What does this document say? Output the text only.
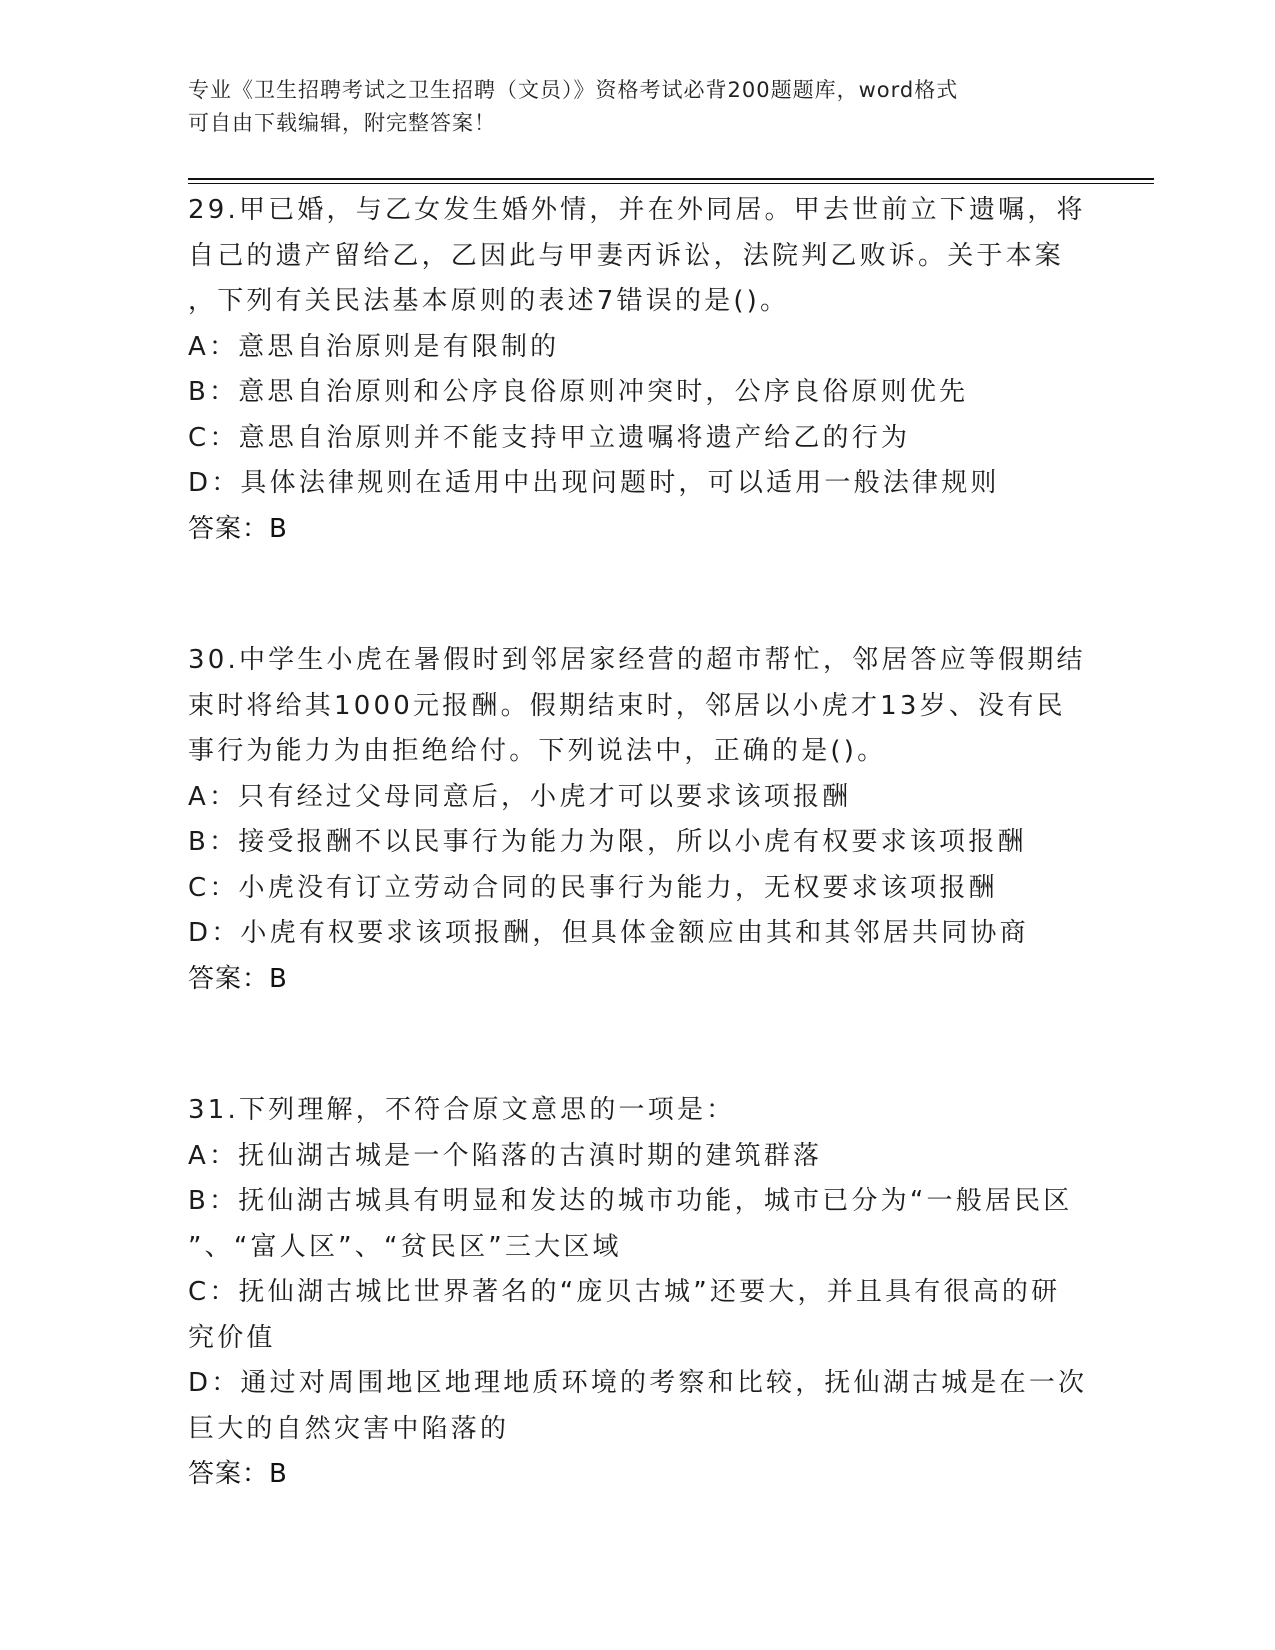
专业《卫生招聘考试之卫生招聘（文员）》资格考试必背200题题库，word格式
可自由下载编辑，附完整答案！
29.甲已婚，与乙女发生婚外情，并在外同居。甲去世前立下遗嘱，将
自己的遗产留给乙，乙因此与甲妻丙诉讼，法院判乙败诉。关于本案
，下列有关民法基本原则的表述7错误的是()。
A：意思自治原则是有限制的
B：意思自治原则和公序良俗原则冲突时，公序良俗原则优先
C：意思自治原则并不能支持甲立遗嘱将遗产给乙的行为
D：具体法律规则在适用中出现问题时，可以适用一般法律规则
答案：B
30.中学生小虎在暑假时到邻居家经营的超市帮忙，邻居答应等假期结
束时将给其1000元报酬。假期结束时，邻居以小虎才13岁、没有民
事行为能力为由拒绝给付。下列说法中，正确的是()。
A：只有经过父母同意后，小虎才可以要求该项报酬
B：接受报酬不以民事行为能力为限，所以小虎有权要求该项报酬
C：小虎没有订立劳动合同的民事行为能力，无权要求该项报酬
D：小虎有权要求该项报酬，但具体金额应由其和其邻居共同协商
答案：B
31.下列理解，不符合原文意思的一项是：
A：抚仙湖古城是一个陷落的古滇时期的建筑群落
B：抚仙湖古城具有明显和发达的城市功能，城市已分为“一般居民区
”、“富人区”、“贫民区”三大区域
C：抚仙湖古城比世界著名的“庞贝古城”还要大，并且具有很高的研
究价值
D：通过对周围地区地理地质环境的考察和比较，抚仙湖古城是在一次
巨大的自然灾害中陷落的
答案：B
